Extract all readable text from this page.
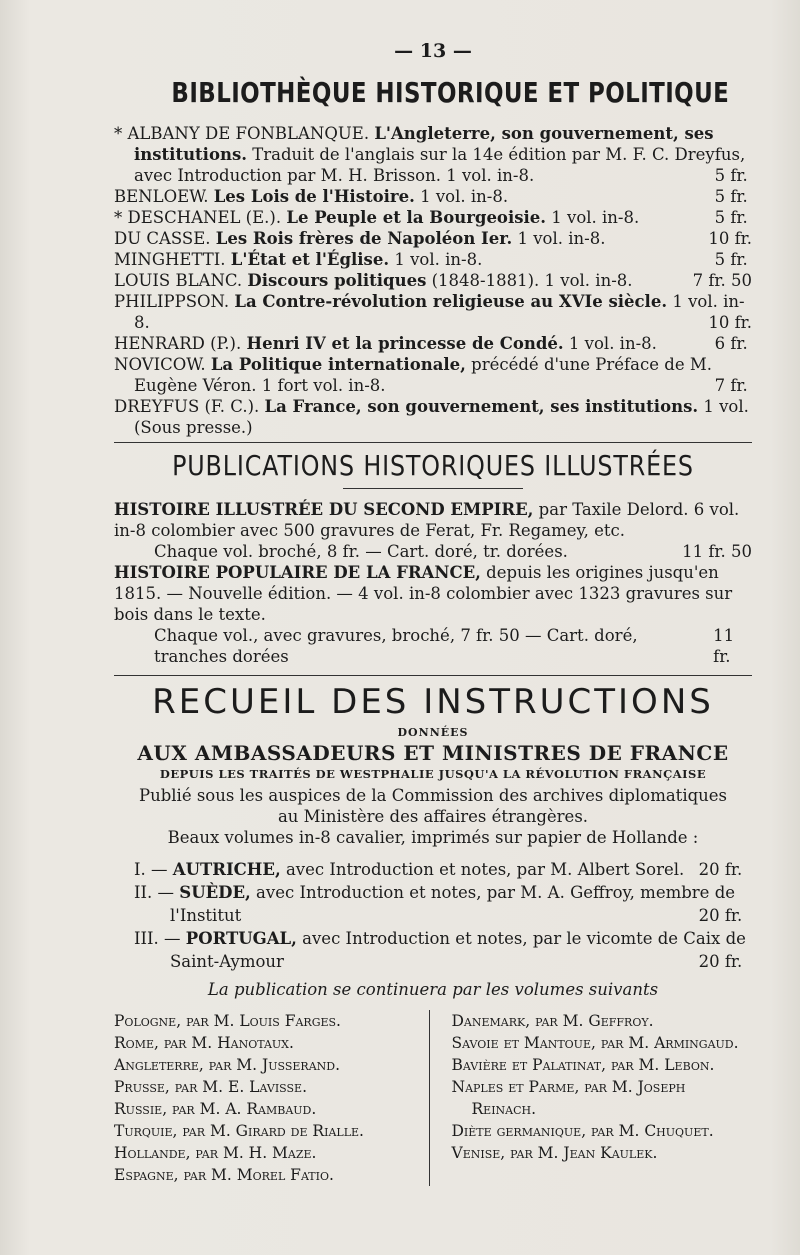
— 13 —
BIBLIOTHÈQUE HISTORIQUE ET POLITIQUE

* ALBANY DE FONBLANQUE. L'Angleterre, son gouvernement, ses institutions. Traduit de l'anglais sur la 14e édition par M. F. C. Dreyfus, avec Introduction par M. H. Brisson. 1 vol. in-8.	5 fr.

BENLOEW. Les Lois de l'Histoire. 1 vol. in-8.	5 fr.

* DESCHANEL (E.). Le Peuple et la Bourgeoisie. 1 vol. in-8.	5 fr.

DU CASSE. Les Rois frères de Napoléon Ier. 1 vol. in-8.	10 fr.

MINGHETTI. L'État et l'Église. 1 vol. in-8.	5 fr.

LOUIS BLANC. Discours politiques (1848-1881). 1 vol. in-8.	7 fr. 50

PHILIPPSON. La Contre-révolution religieuse au XVIe siècle. 1 vol. in-8.	10 fr.

HENRARD (P.). Henri IV et la princesse de Condé. 1 vol. in-8.	6 fr.

NOVICOW. La Politique internationale, précédé d'une Préface de M. Eugène Véron. 1 fort vol. in-8.	7 fr.

DREYFUS (F. C.). La France, son gouvernement, ses institutions. 1 vol. (Sous presse.)

PUBLICATIONS HISTORIQUES ILLUSTRÉES

HISTOIRE ILLUSTRÉE DU SECOND EMPIRE, par Taxile Delord. 6 vol. in-8 colombier avec 500 gravures de Ferat, Fr. Regamey, etc.

Chaque vol. broché, 8 fr. — Cart. doré, tr. dorées.	11 fr. 50

HISTOIRE POPULAIRE DE LA FRANCE, depuis les origines jusqu'en 1815. — Nouvelle édition. — 4 vol. in-8 colombier avec 1323 gravures sur bois dans le texte.

Chaque vol., avec gravures, broché, 7 fr. 50 — Cart. doré, tranches dorées
11 fr.
RECUEIL DES INSTRUCTIONS
DONNÉES
AUX AMBASSADEURS ET MINISTRES DE FRANCE
DEPUIS LES TRAITÉS DE WESTPHALIE JUSQU'A LA RÉVOLUTION FRANÇAISE

Publié sous les auspices de la Commission des archives diplomatiques

au Ministère des affaires étrangères.

Beaux volumes in-8 cavalier, imprimés sur papier de Hollande :

I. — AUTRICHE, avec Introduction et notes, par M. Albert Sorel. 20 fr.

II. — SUÈDE, avec Introduction et notes, par M. A. Geffroy, membre de l'Institut	20 fr.

III. — PORTUGAL, avec Introduction et notes, par le vicomte de Caix de Saint-Aymour	20 fr.

La publication se continuera par les volumes suivants

Pologne, par M. Louis Farges.

Rome, par M. Hanotaux.

Angleterre, par M. Jusserand.

Prusse, par M. E. Lavisse.

Russie, par M. A. Rambaud.

Turquie, par M. Girard de Rialle.

Hollande, par M. H. Maze.

Espagne, par M. Morel Fatio.

Danemark, par M. Geffroy.

Savoie et Mantoue, par M. Armingaud.

Bavière et Palatinat, par M. Lebon.

Naples et Parme, par M. Joseph Reinach.

Diète germanique, par M. Chuquet.

Venise, par M. Jean Kaulek.
